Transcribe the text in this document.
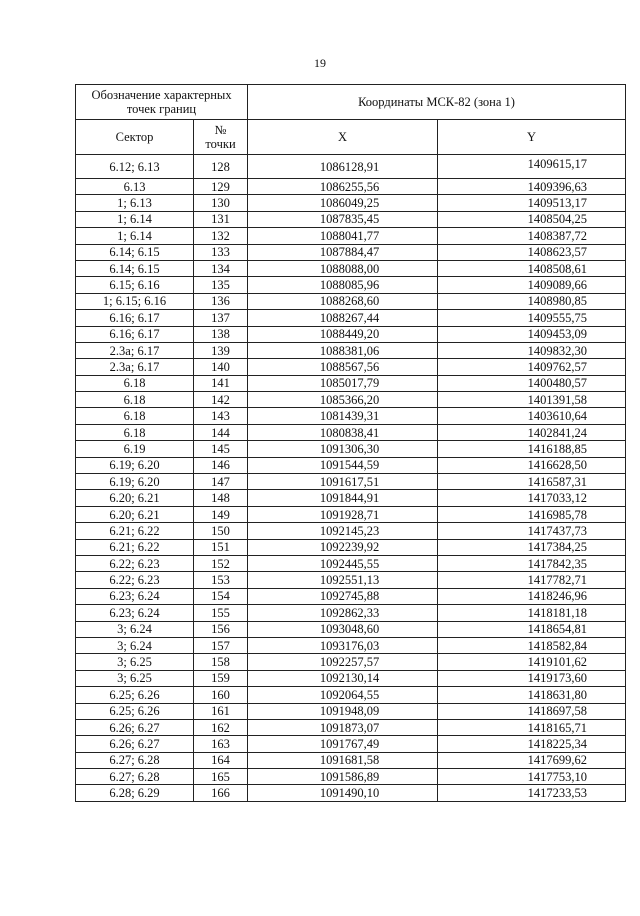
19
Обозначение характерных точек границ		Координаты МСК-82 (зона 1)	
Сектор	№ точки	X	Y
6.12; 6.13	128	1086128,91	1409615,17
6.13	129	1086255,56	1409396,63
1; 6.13	130	1086049,25	1409513,17
1; 6.14	131	1087835,45	1408504,25
1; 6.14	132	1088041,77	1408387,72
6.14; 6.15	133	1087884,47	1408623,57
6.14; 6.15	134	1088088,00	1408508,61
6.15; 6.16	135	1088085,96	1409089,66
1; 6.15; 6.16	136	1088268,60	1408980,85
6.16; 6.17	137	1088267,44	1409555,75
6.16; 6.17	138	1088449,20	1409453,09
2.3а; 6.17	139	1088381,06	1409832,30
2.3а; 6.17	140	1088567,56	1409762,57
6.18	141	1085017,79	1400480,57
6.18	142	1085366,20	1401391,58
6.18	143	1081439,31	1403610,64
6.18	144	1080838,41	1402841,24
6.19	145	1091306,30	1416188,85
6.19; 6.20	146	1091544,59	1416628,50
6.19; 6.20	147	1091617,51	1416587,31
6.20; 6.21	148	1091844,91	1417033,12
6.20; 6.21	149	1091928,71	1416985,78
6.21; 6.22	150	1092145,23	1417437,73
6.21; 6.22	151	1092239,92	1417384,25
6.22; 6.23	152	1092445,55	1417842,35
6.22; 6.23	153	1092551,13	1417782,71
6.23; 6.24	154	1092745,88	1418246,96
6.23; 6.24	155	1092862,33	1418181,18
3; 6.24	156	1093048,60	1418654,81
3; 6.24	157	1093176,03	1418582,84
3; 6.25	158	1092257,57	1419101,62
3; 6.25	159	1092130,14	1419173,60
6.25; 6.26	160	1092064,55	1418631,80
6.25; 6.26	161	1091948,09	1418697,58
6.26; 6.27	162	1091873,07	1418165,71
6.26; 6.27	163	1091767,49	1418225,34
6.27; 6.28	164	1091681,58	1417699,62
6.27; 6.28	165	1091586,89	1417753,10
6.28; 6.29	166	1091490,10	1417233,53
